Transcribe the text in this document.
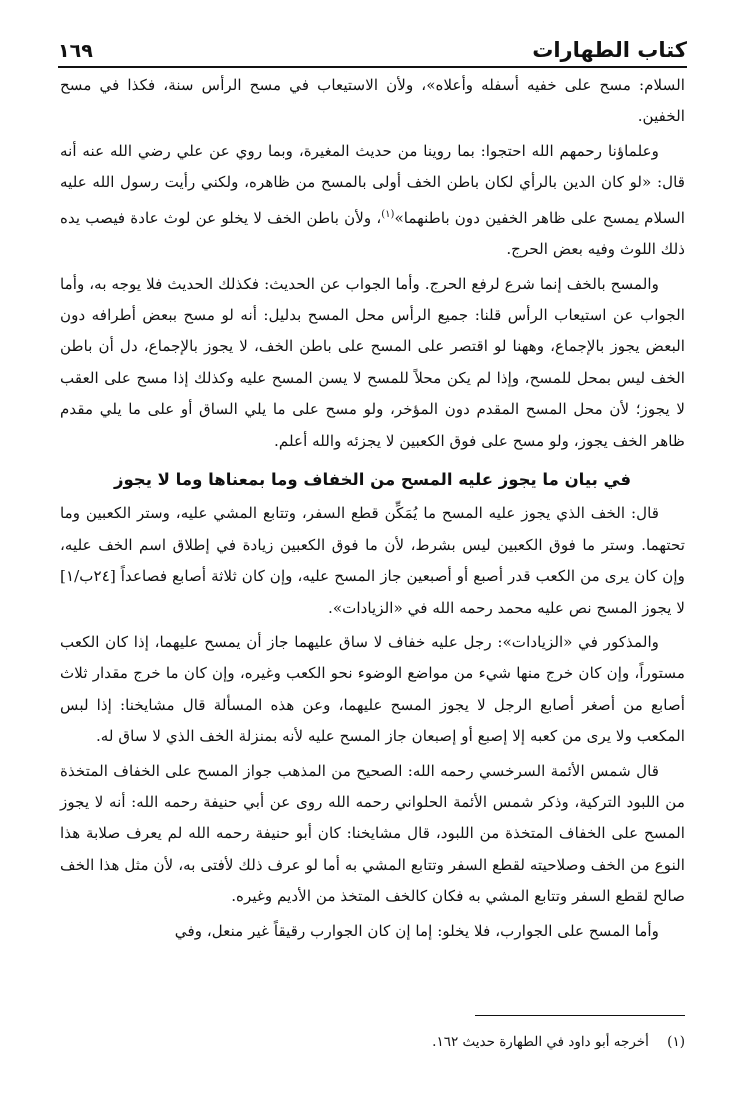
كتاب الطهارات
١٦٩

السلام: مسح على خفيه أسفله وأعلاه»، ولأن الاستيعاب في مسح الرأس سنة، فكذا في مسح الخفين.

وعلماؤنا رحمهم الله احتجوا: بما روينا من حديث المغيرة، وبما روي عن علي رضي الله عنه أنه قال: «لو كان الدين بالرأي لكان باطن الخف أولى بالمسح من ظاهره، ولكني رأيت رسول الله عليه السلام يمسح على ظاهر الخفين دون باطنهما»$^{(١)}$، ولأن باطن الخف لا يخلو عن لوث عادة فيصب يده ذلك اللوث وفيه بعض الحرج.

والمسح بالخف إنما شرع لرفع الحرج. وأما الجواب عن الحديث: فكذلك الحديث فلا يوجه به، وأما الجواب عن استيعاب الرأس قلنا: جميع الرأس محل المسح بدليل: أنه لو مسح ببعض أطرافه دون البعض يجوز بالإجماع، وههنا لو اقتصر على المسح على باطن الخف، لا يجوز بالإجماع، دل أن باطن الخف ليس بمحل للمسح، وإذا لم يكن محلاً للمسح لا يسن المسح عليه وكذلك إذا مسح على العقب لا يجوز؛ لأن محل المسح المقدم دون المؤخر، ولو مسح على ما يلي الساق أو على ما يلي مقدم ظاهر الخف يجوز، ولو مسح على فوق الكعبين لا يجزئه والله أعلم.

في بيان ما يجوز عليه المسح من الخفاف وما بمعناها وما لا يجوز

قال: الخف الذي يجوز عليه المسح ما يُمَكِّن قطع السفر، وتتابع المشي عليه، وستر الكعبين وما تحتهما. وستر ما فوق الكعبين ليس بشرط، لأن ما فوق الكعبين زيادة في إطلاق اسم الخف عليه، وإن كان يرى من الكعب قدر أصبع أو أصبعين جاز المسح عليه، وإن كان ثلاثة أصابع فصاعداً [٢٤ب/١] لا يجوز المسح نص عليه محمد رحمه الله في «الزيادات».

والمذكور في «الزيادات»: رجل عليه خفاف لا ساق عليهما جاز أن يمسح عليهما، إذا كان الكعب مستوراً، وإن كان خرج منها شيء من مواضع الوضوء نحو الكعب وغيره، وإن كان ما خرج مقدار ثلاث أصابع من أصغر أصابع الرجل لا يجوز المسح عليهما، وعن هذه المسألة قال مشايخنا: إذا لبس المكعب ولا يرى من كعبه إلا إصبع أو إصبعان جاز المسح عليه لأنه بمنزلة الخف الذي لا ساق له.

قال شمس الأئمة السرخسي رحمه الله: الصحيح من المذهب جواز المسح على الخفاف المتخذة من اللبود التركية، وذكر شمس الأئمة الحلواني رحمه الله روى عن أبي حنيفة رحمه الله: أنه لا يجوز المسح على الخفاف المتخذة من اللبود، قال مشايخنا: كان أبو حنيفة رحمه الله لم يعرف صلابة هذا النوع من الخف وصلاحيته لقطع السفر وتتابع المشي به أما لو عرف ذلك لأفتى به، لأن مثل هذا الخف صالح لقطع السفر وتتابع المشي به فكان كالخف المتخذ من الأديم وغيره.

وأما المسح على الجوارب، فلا يخلو: إما إن كان الجوارب رقيقاً غير منعل، وفي

(١) أخرجه أبو داود في الطهارة حديث ١٦٢.
